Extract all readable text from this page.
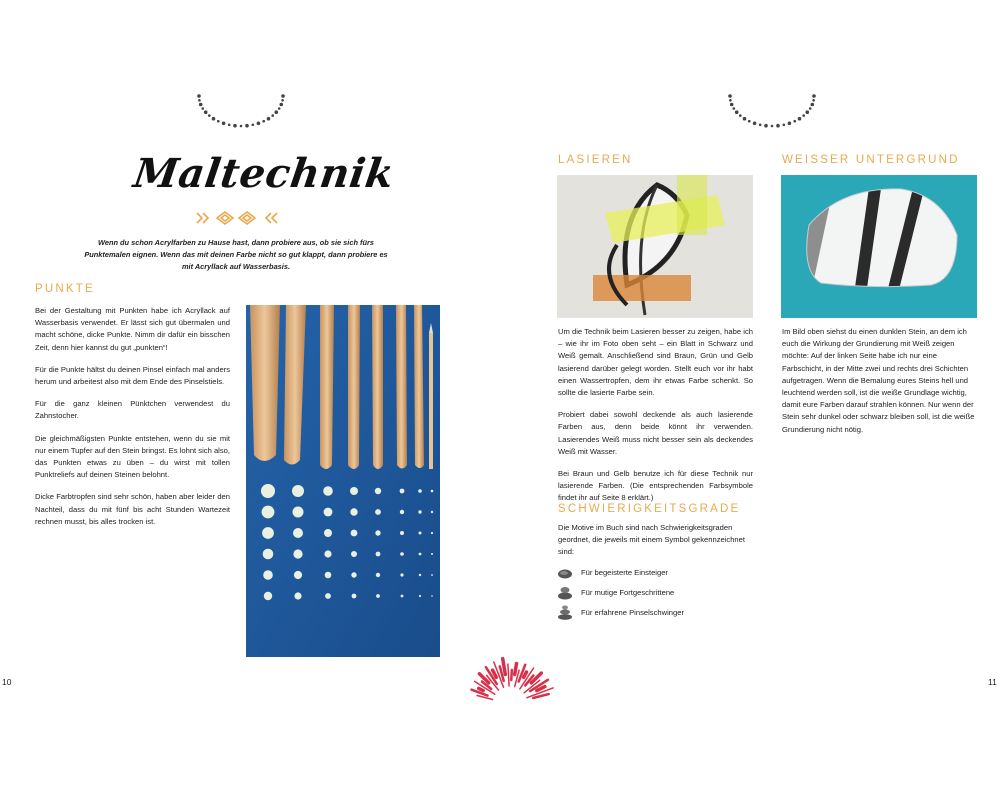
Maltechnik
Wenn du schon Acrylfarben zu Hause hast, dann probiere aus, ob sie sich fürs Punktemalen eignen. Wenn das mit deinen Farbe nicht so gut klappt, dann probiere es mit Acryllack auf Wasserbasis.
PUNKTE

Bei der Gestaltung mit Punkten habe ich Acryllack auf Wasserbasis verwendet. Er lässt sich gut übermalen und macht schöne, dicke Punkte. Nimm dir dafür ein bisschen Zeit, denn hier kannst du gut „punkten“!

Für die Punkte hältst du deinen Pinsel einfach mal anders herum und arbeitest also mit dem Ende des Pinselstiels.

Für die ganz kleinen Pünktchen verwendest du Zahnstocher.

Die gleichmäßigsten Punkte entstehen, wenn du sie mit nur einem Tupfer auf den Stein bringst. Es lohnt sich also, das Punkten etwas zu üben – du wirst mit tollen Punktreliefs auf deinen Steinen belohnt.

Dicke Farbtropfen sind sehr schön, haben aber leider den Nachteil, dass du mit fünf bis acht Stunden Wartezeit rechnen musst, bis alles trocken ist.

10
LASIEREN

Um die Technik beim Lasieren besser zu zeigen, habe ich – wie ihr im Foto oben seht – ein Blatt in Schwarz und Weiß gemalt. Anschließend sind Braun, Grün und Gelb lasierend darüber gelegt worden. Stellt euch vor ihr habt einen Wassertropfen, dem ihr etwas Farbe schenkt. So sollte die lasierte Farbe sein.

Probiert dabei sowohl deckende als auch lasierende Farben aus, denn beide könnt ihr verwenden. Lasierendes Weiß muss nicht besser sein als deckendes Weiß mit Wasser.

Bei Braun und Gelb benutze ich für diese Technik nur lasierende Farben. (Die entsprechenden Farbsymbole findet ihr auf Seite 8 erklärt.)

SCHWIERIGKEITSGRADE
Die Motive im Buch sind nach Schwierigkeitsgraden geordnet, die jeweils mit einem Symbol gekennzeichnet sind:
Für begeisterte Einsteiger
Für mutige Fortgeschrittene
Für erfahrene Pinselschwinger
WEISSER UNTERGRUND
Im Bild oben siehst du einen dunklen Stein, an dem ich euch die Wirkung der Grundierung mit Weiß zeigen möchte: Auf der linken Seite habe ich nur eine Farbschicht, in der Mitte zwei und rechts drei Schichten aufgetragen. Wenn die Bemalung eures Steins hell und leuchtend werden soll, ist die weiße Grundlage wichtig, damit eure Farben darauf strahlen können. Nur wenn der Stein sehr dunkel oder schwarz bleiben soll, ist die weiße Grundierung nicht nötig.
11
